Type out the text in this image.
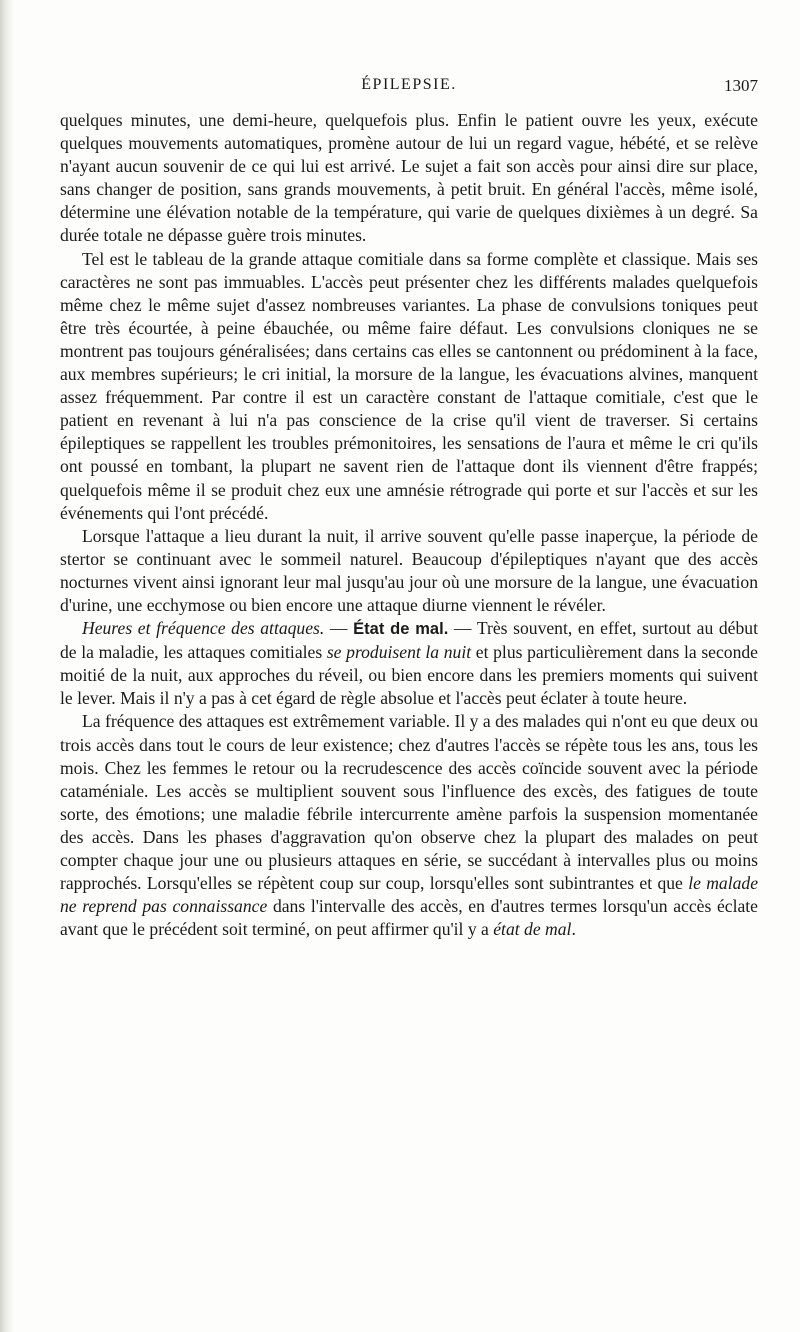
ÉPILEPSIE.	1307

quelques minutes, une demi-heure, quelquefois plus. Enfin le patient ouvre les yeux, exécute quelques mouvements automatiques, promène autour de lui un regard vague, hébété, et se relève n'ayant aucun souvenir de ce qui lui est arrivé. Le sujet a fait son accès pour ainsi dire sur place, sans changer de position, sans grands mouvements, à petit bruit. En général l'accès, même isolé, détermine une élévation notable de la température, qui varie de quelques dixièmes à un degré. Sa durée totale ne dépasse guère trois minutes.

Tel est le tableau de la grande attaque comitiale dans sa forme complète et classique. Mais ses caractères ne sont pas immuables. L'accès peut présenter chez les différents malades quelquefois même chez le même sujet d'assez nombreuses variantes. La phase de convulsions toniques peut être très écourtée, à peine ébauchée, ou même faire défaut. Les convulsions cloniques ne se montrent pas toujours généralisées; dans certains cas elles se cantonnent ou prédominent à la face, aux membres supérieurs; le cri initial, la morsure de la langue, les évacuations alvines, manquent assez fréquemment. Par contre il est un caractère constant de l'attaque comitiale, c'est que le patient en revenant à lui n'a pas conscience de la crise qu'il vient de traverser. Si certains épileptiques se rappellent les troubles prémonitoires, les sensations de l'aura et même le cri qu'ils ont poussé en tombant, la plupart ne savent rien de l'attaque dont ils viennent d'être frappés; quelquefois même il se produit chez eux une amnésie rétrograde qui porte et sur l'accès et sur les événements qui l'ont précédé.

Lorsque l'attaque a lieu durant la nuit, il arrive souvent qu'elle passe inaperçue, la période de stertor se continuant avec le sommeil naturel. Beaucoup d'épileptiques n'ayant que des accès nocturnes vivent ainsi ignorant leur mal jusqu'au jour où une morsure de la langue, une évacuation d'urine, une ecchymose ou bien encore une attaque diurne viennent le révéler.

Heures et fréquence des attaques. — État de mal. — Très souvent, en effet, surtout au début de la maladie, les attaques comitiales se produisent la nuit et plus particulièrement dans la seconde moitié de la nuit, aux approches du réveil, ou bien encore dans les premiers moments qui suivent le lever. Mais il n'y a pas à cet égard de règle absolue et l'accès peut éclater à toute heure.

La fréquence des attaques est extrêmement variable. Il y a des malades qui n'ont eu que deux ou trois accès dans tout le cours de leur existence; chez d'autres l'accès se répète tous les ans, tous les mois. Chez les femmes le retour ou la recrudescence des accès coïncide souvent avec la période cataméniale. Les accès se multiplient souvent sous l'influence des excès, des fatigues de toute sorte, des émotions; une maladie fébrile intercurrente amène parfois la suspension momentanée des accès. Dans les phases d'aggravation qu'on observe chez la plupart des malades on peut compter chaque jour une ou plusieurs attaques en série, se succédant à intervalles plus ou moins rapprochés. Lorsqu'elles se répètent coup sur coup, lorsqu'elles sont subintrantes et que le malade ne reprend pas connaissance dans l'intervalle des accès, en d'autres termes lorsqu'un accès éclate avant que le précédent soit terminé, on peut affirmer qu'il y a état de mal.
